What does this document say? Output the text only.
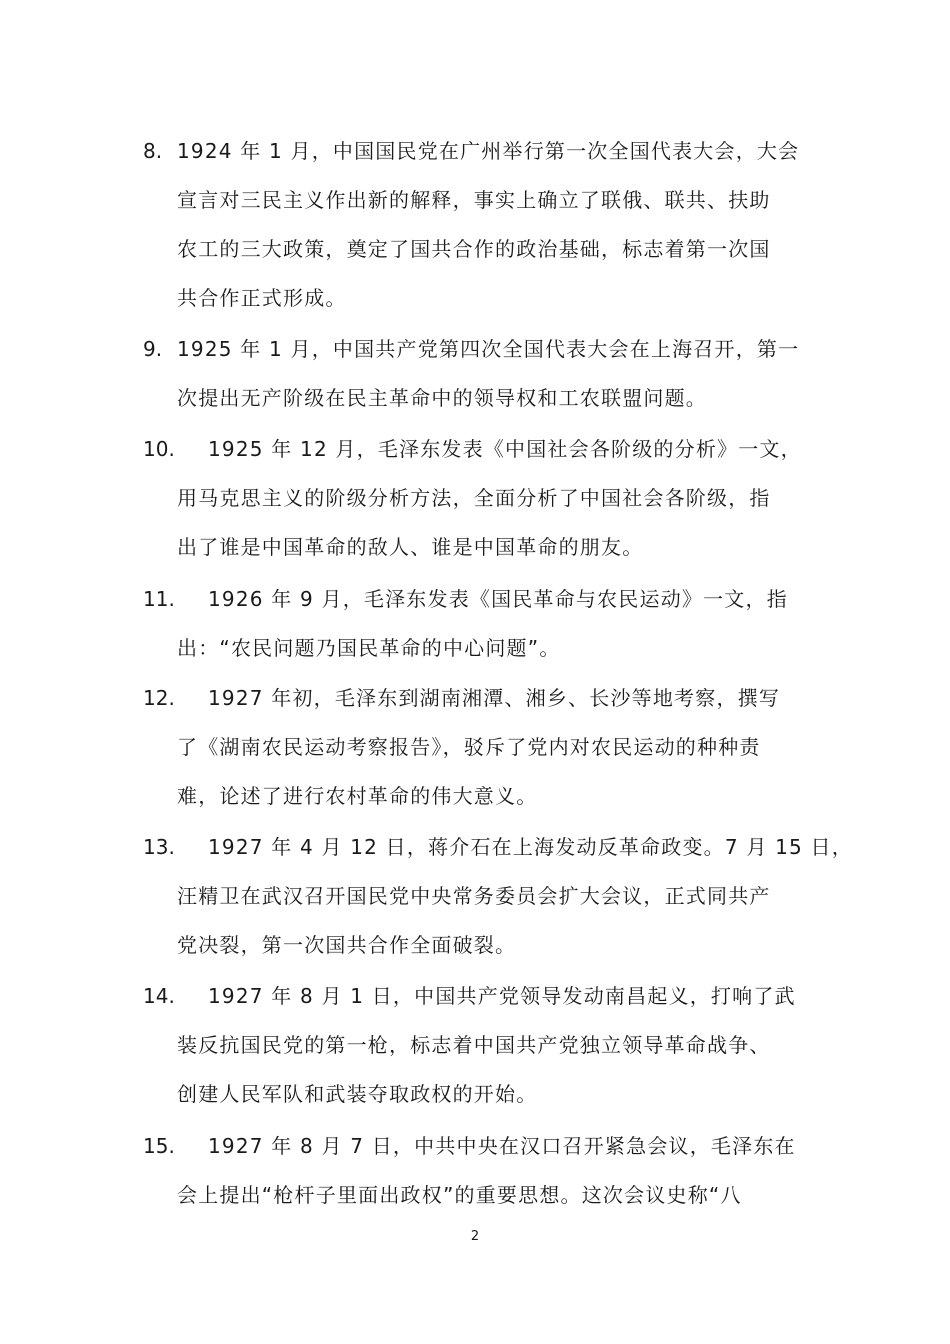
8. 1924 年 1 月，中国国民党在广州举行第一次全国代表大会，大会
宣言对三民主义作出新的解释，事实上确立了联俄、联共、扶助
农工的三大政策，奠定了国共合作的政治基础，标志着第一次国
共合作正式形成。
9. 1925 年 1 月，中国共产党第四次全国代表大会在上海召开，第一
次提出无产阶级在民主革命中的领导权和工农联盟问题。
10. 1925 年 12 月，毛泽东发表《中国社会各阶级的分析》一文，
用马克思主义的阶级分析方法，全面分析了中国社会各阶级，指
出了谁是中国革命的敌人、谁是中国革命的朋友。
11. 1926 年 9 月，毛泽东发表《国民革命与农民运动》一文，指
出：“农民问题乃国民革命的中心问题”。
12. 1927 年初，毛泽东到湖南湘潭、湘乡、长沙等地考察，撰写
了《湖南农民运动考察报告》，驳斥了党内对农民运动的种种责
难，论述了进行农村革命的伟大意义。
13. 1927 年 4 月 12 日，蒋介石在上海发动反革命政变。7 月 15 日，
汪精卫在武汉召开国民党中央常务委员会扩大会议，正式同共产
党决裂，第一次国共合作全面破裂。
14. 1927 年 8 月 1 日，中国共产党领导发动南昌起义，打响了武
装反抗国民党的第一枪，标志着中国共产党独立领导革命战争、
创建人民军队和武装夺取政权的开始。
15. 1927 年 8 月 7 日，中共中央在汉口召开紧急会议，毛泽东在
会上提出“枪杆子里面出政权”的重要思想。这次会议史称“八
2
